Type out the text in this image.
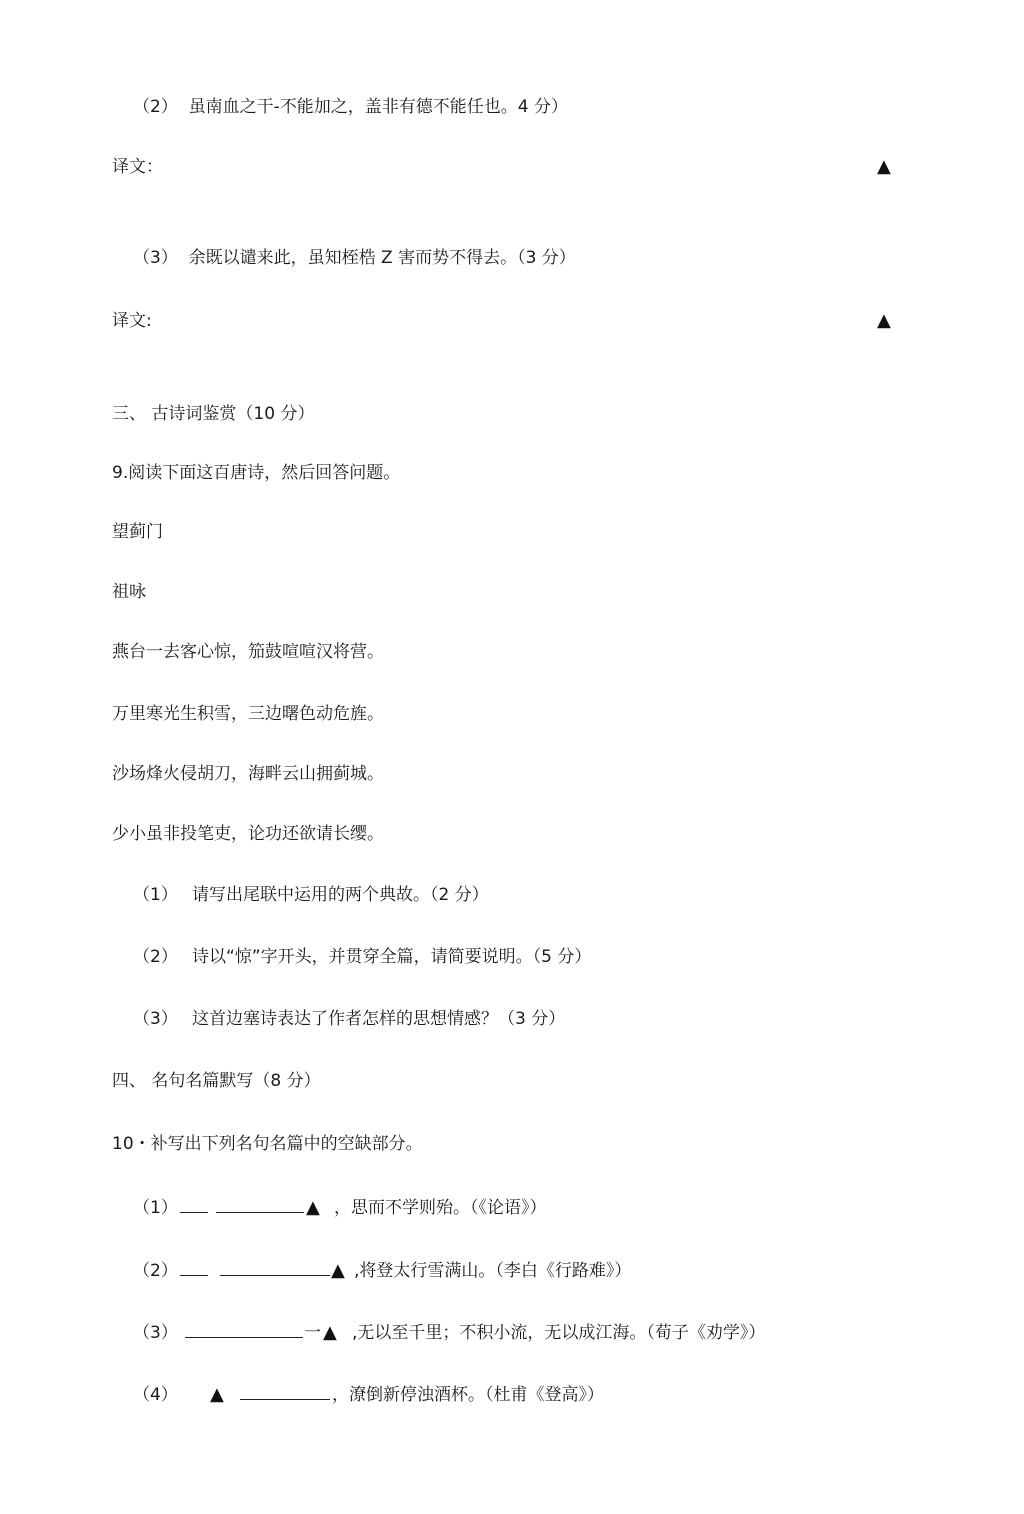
（2）  虽南血之干-不能加之，盖非有德不能任也。4 分）
译文：	▲
（3）  余既以谴来此，虽知桎梏 Z 害而势不得去。（3 分）
译文:	▲
三、 古诗词鉴赏（10 分）
9.阅读下面这百唐诗，然后回答问题。
望蓟门
祖咏
燕台一去客心惊，笳鼓喧喧汉将营。
万里寒光生积雪，三边曙色动危旌。
沙场烽火侵胡刀，海畔云山拥蓟城。
少小虽非投笔吏，论功还欲请长缨。
（1） 请写出尾联中运用的两个典故。（2 分）
（2） 诗以“惊”字开头，并贯穿全篇，请简要说明。（5 分）
（3） 这首边塞诗表达了作者怎样的思想情感？（3 分）
四、 名句名篇默写（8 分）
10・补写出下列名句名篇中的空缺部分。
（1）	▲ ，思而不学则殆。（《论语》）
（2）	▲ ,将登太行雪满山。（李白《行路难》）
（3）	一 ▲ ,无以至千里；不积小流，无以成江海。（荀子《劝学》）
（4） ▲	，潦倒新停浊酒杯。（杜甫《登高》）
